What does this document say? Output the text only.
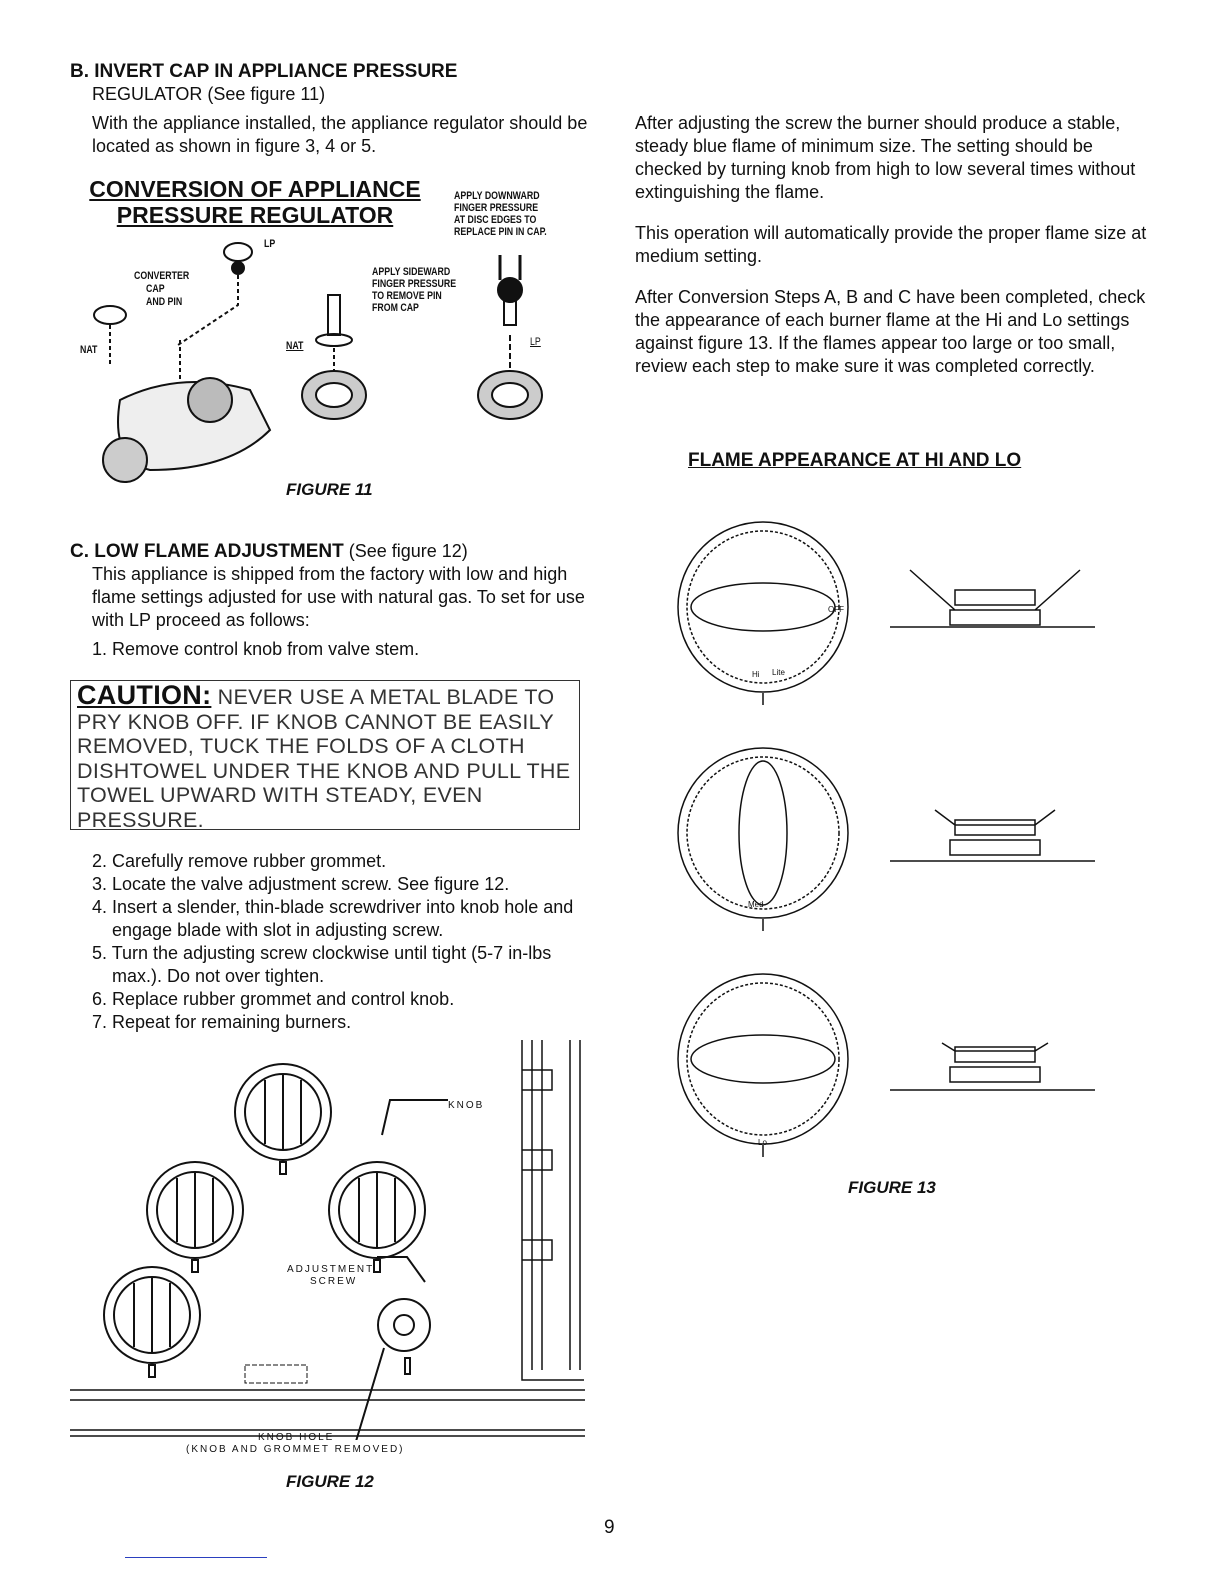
B. INVERT CAP IN APPLIANCE PRESSURE
REGULATOR (See figure 11)
With the appliance installed, the appliance regulator should be located as shown in figure 3, 4 or 5.
CONVERSION OF APPLIANCE
PRESSURE REGULATOR
APPLY DOWNWARD
FINGER PRESSURE
AT DISC EDGES TO
REPLACE PIN IN CAP.
APPLY SIDEWARD
FINGER PRESSURE
TO REMOVE PIN
FROM CAP
LP
CONVERTER
CAP
AND PIN
NAT	NAT	LP
FIGURE 11
C. LOW FLAME ADJUSTMENT (See figure 12)
This appliance is shipped from the factory with low and high flame settings adjusted for use with natural gas. To set for use with LP proceed as follows:
1. Remove control knob from valve stem.
CAUTION: NEVER USE A METAL BLADE TO PRY KNOB OFF. IF KNOB CANNOT BE EASILY REMOVED, TUCK THE FOLDS OF A CLOTH DISHTOWEL UNDER THE KNOB AND PULL THE TOWEL UPWARD WITH STEADY, EVEN PRESSURE.
2. Carefully remove rubber grommet.
3. Locate the valve adjustment screw. See figure 12.
4. Insert a slender, thin-blade screwdriver into knob hole and engage blade with slot in adjusting screw.
5. Turn the adjusting screw clockwise until tight (5-7 in-lbs max.). Do not over tighten.
6. Replace rubber grommet and control knob.
7. Repeat for remaining burners.
KNOB
ADJUSTMENT
SCREW
KNOB HOLE
(KNOB AND GROMMET REMOVED)
FIGURE 12
After adjusting the screw the burner should produce a stable, steady blue flame of minimum size. The setting should be checked by turning knob from high to low several times without extinguishing the flame.
This operation will automatically provide the proper flame size at medium setting.
After Conversion Steps A, B and C have been completed, check the appearance of each burner flame at the Hi and Lo settings against figure 13. If the flames appear too large or too small, review each step to make sure it was completed correctly.
FLAME APPEARANCE AT HI AND LO
Hi Lite
Med
OFF
Lo
FIGURE 13
9
